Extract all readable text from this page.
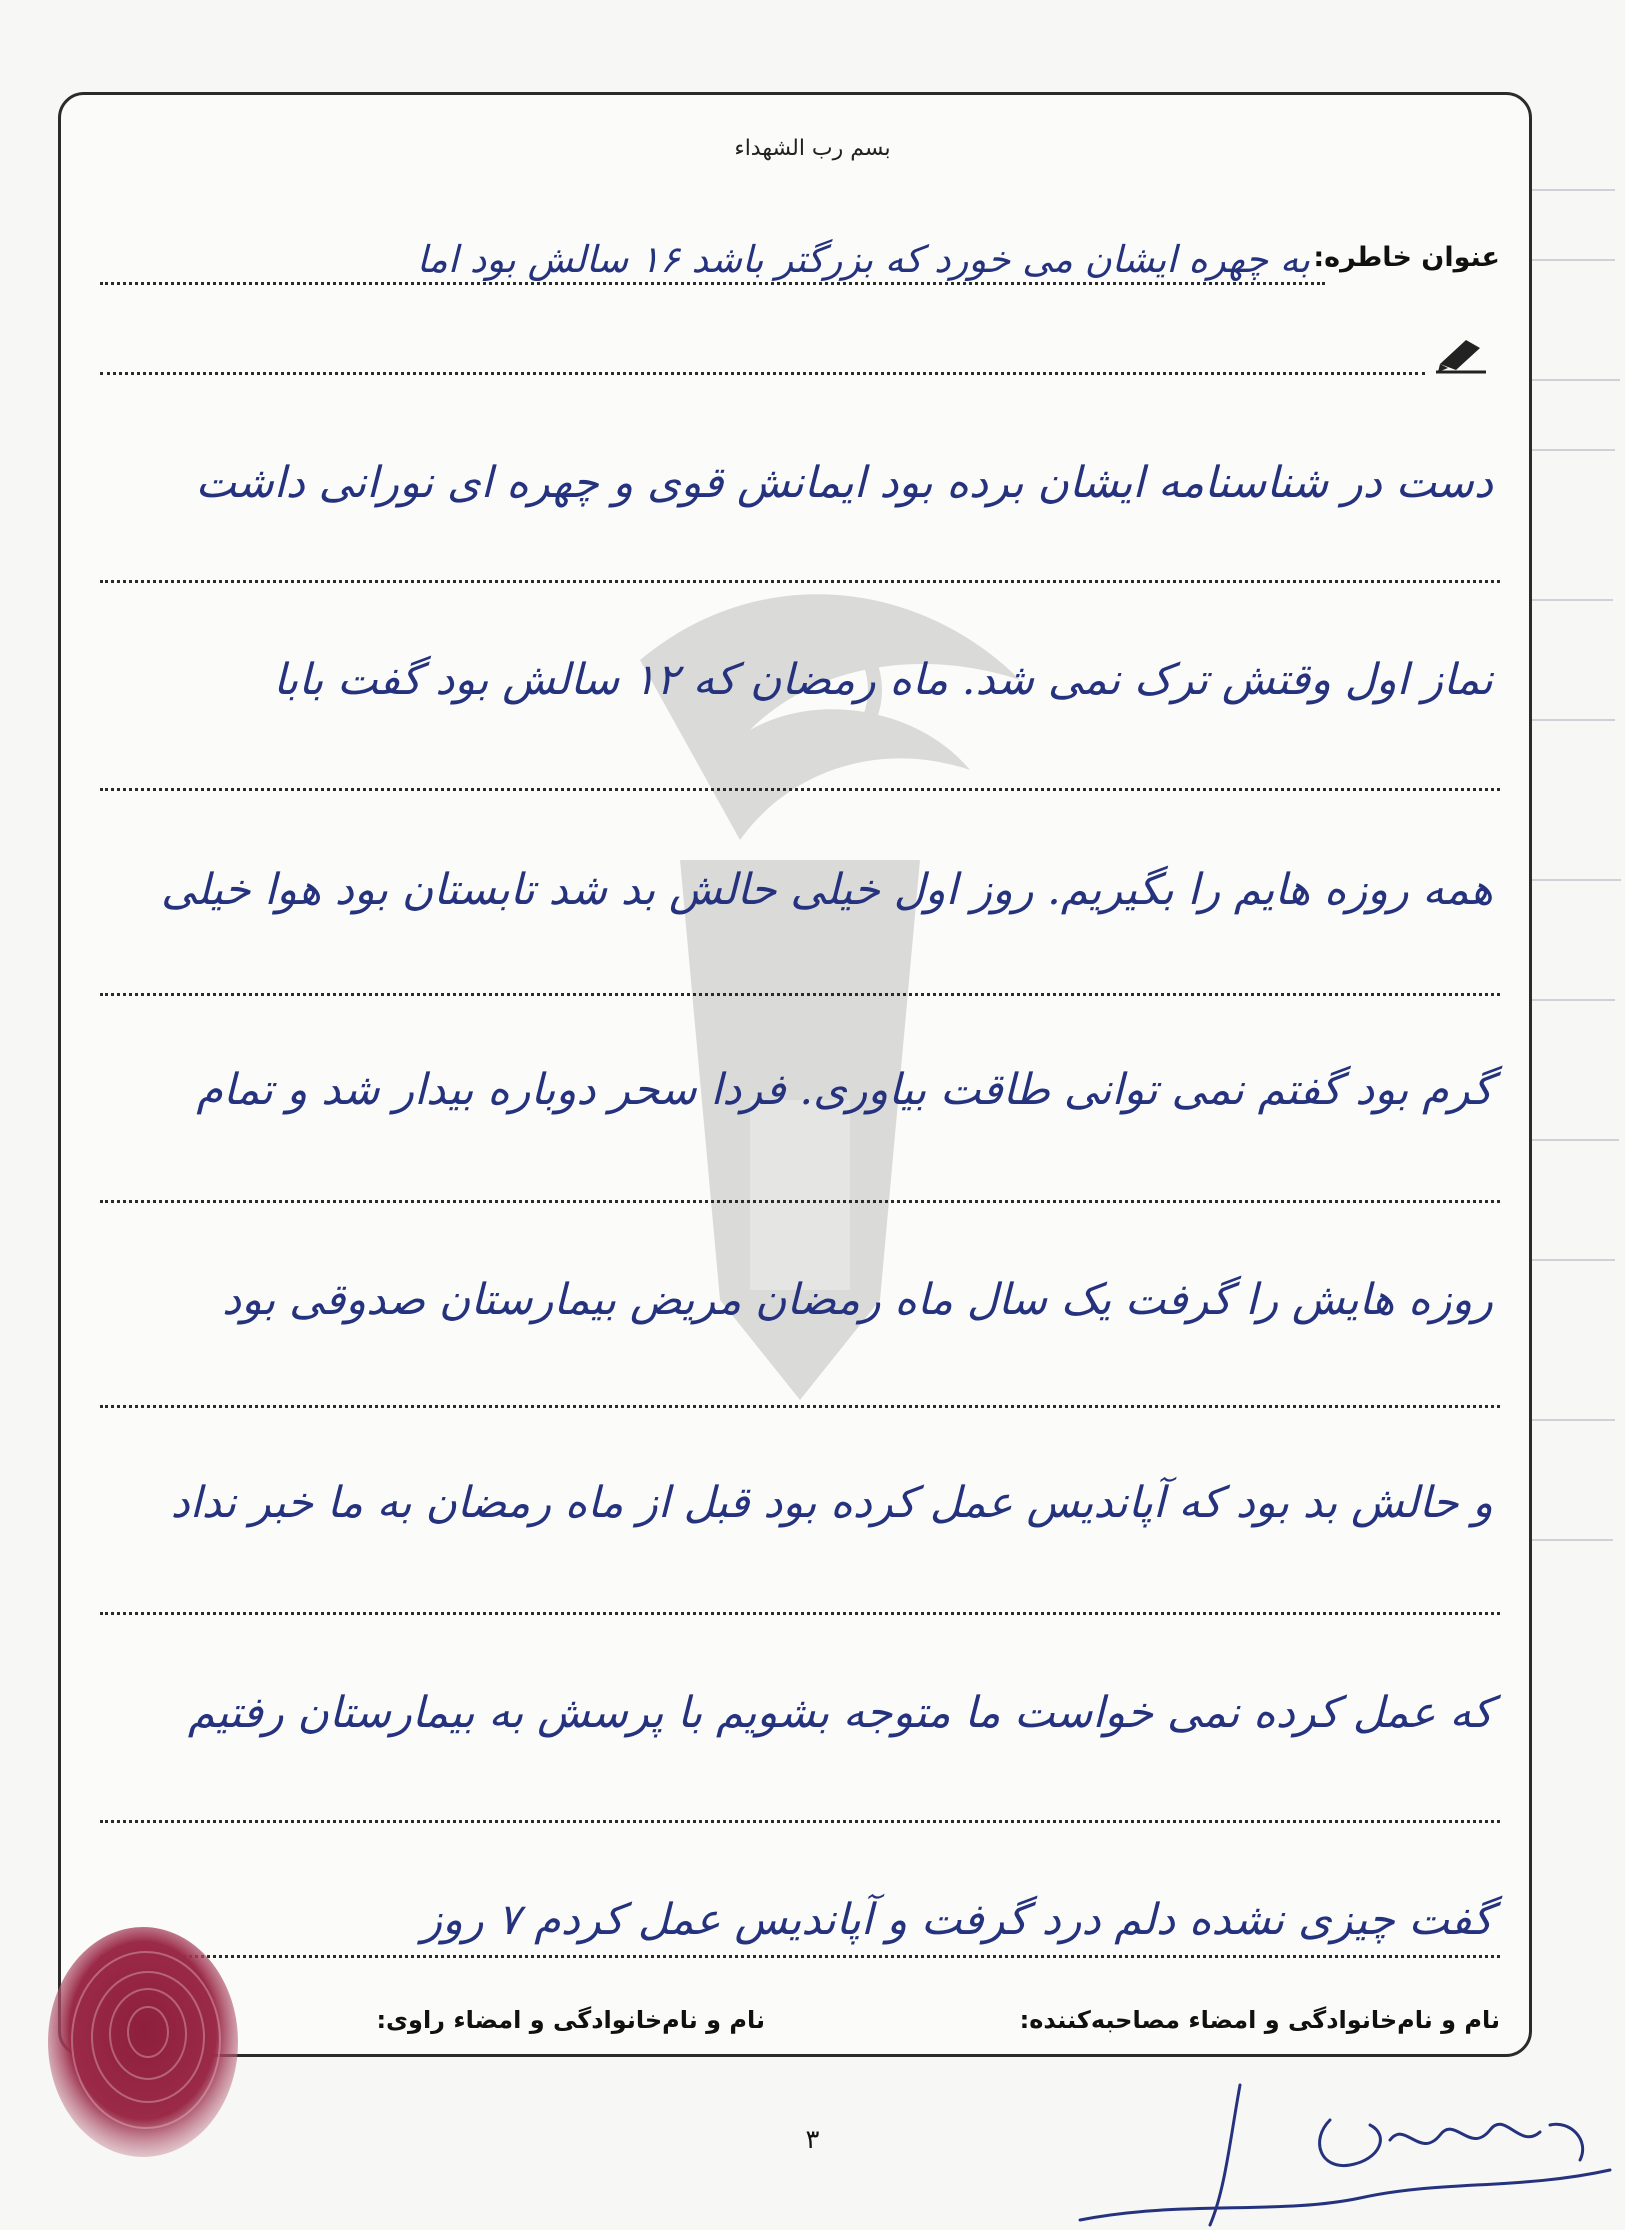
بسم رب الشهداء
عنوان خاطره:
به چهره ایشان می خورد که بزرگتر باشد ۱۶ سالش بود اما
دست در شناسنامه ایشان برده بود ایمانش قوی و چهره ای نورانی داشت
نماز اول وقتش ترک نمی شد. ماه رمضان که ۱۲ سالش بود گفت بابا
همه روزه هایم را بگیریم. روز اول خیلی حالش بد شد تابستان بود هوا خیلی
گرم بود گفتم نمی توانی طاقت بیاوری. فردا سحر دوباره بیدار شد و تمام
روزه هایش را گرفت یک سال ماه رمضان مریض بیمارستان صدوقی بود
و حالش بد بود که آپاندیس عمل کرده بود قبل از ماه رمضان به ما خبر نداد
که عمل کرده نمی خواست ما متوجه بشویم با پرسش به بیمارستان رفتیم
گفت چیزی نشده دلم درد گرفت و آپاندیس عمل کردم ۷ روز
نام و نام‌خانوادگی و امضاء مصاحبه‌کننده:
نام و نام‌خانوادگی و امضاء راوی:
۳
